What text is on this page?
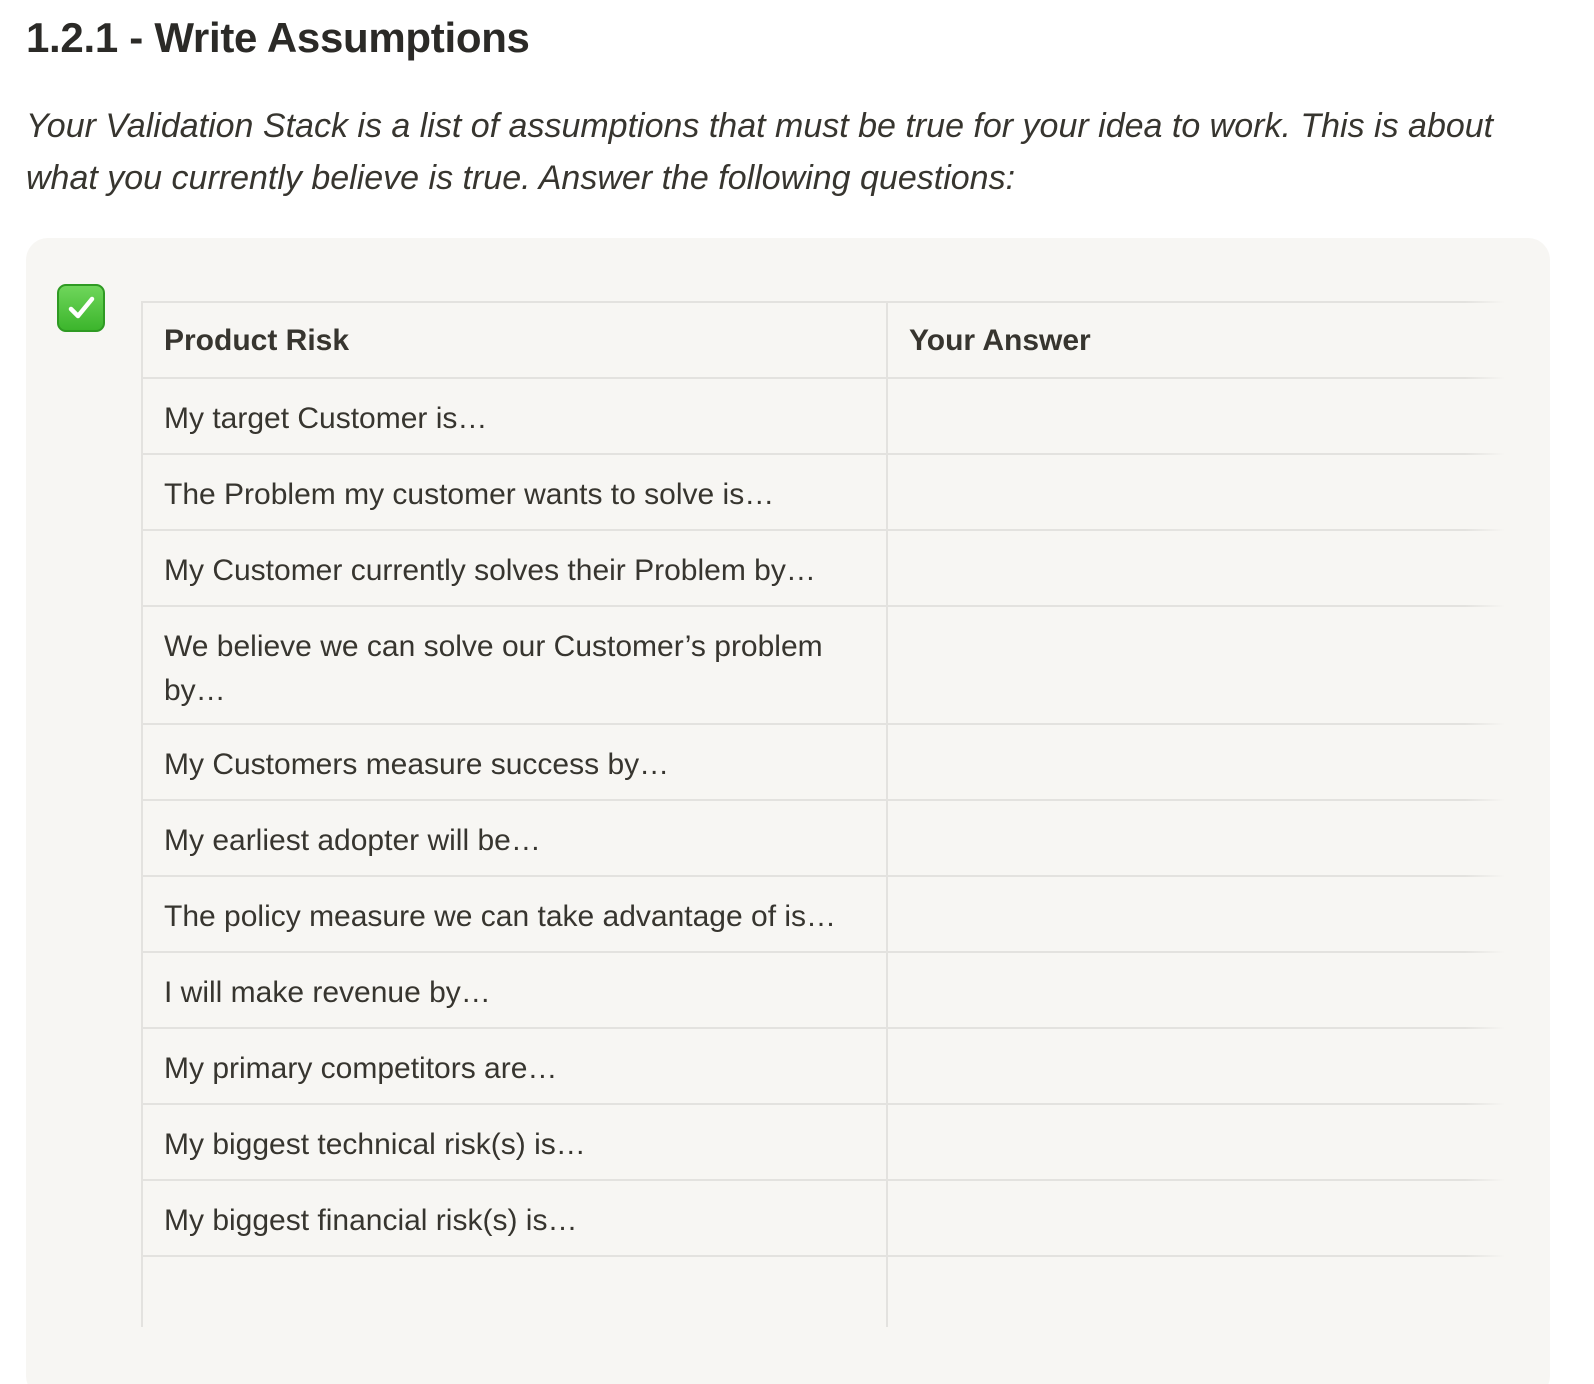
1.2.1 - Write Assumptions

Your Validation Stack is a list of assumptions that must be true for your idea to work. This is about what you currently believe is true. Answer the following questions:

Product Risk	Your Answer
My target Customer is…	
The Problem my customer wants to solve is…	
My Customer currently solves their Problem by…	
We believe we can solve our Customer’s problem by…	
My Customers measure success by…	
My earliest adopter will be…	
The policy measure we can take advantage of is…	
I will make revenue by…	
My primary competitors are…	
My biggest technical risk(s) is…	
My biggest financial risk(s) is…	
